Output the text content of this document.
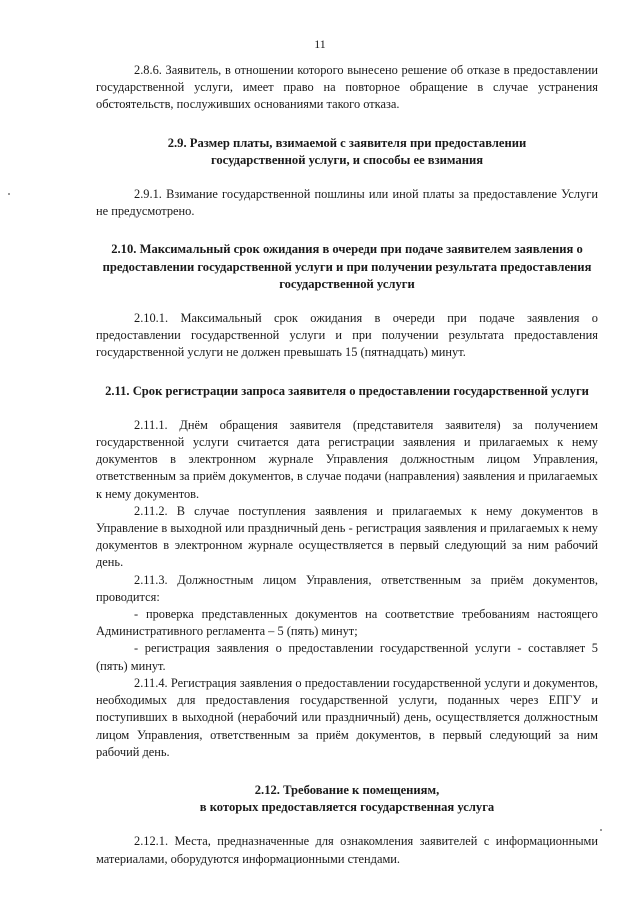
11

2.8.6. Заявитель, в отношении которого вынесено решение об отказе в предоставлении государственной услуги, имеет право на повторное обращение в случае устранения обстоятельств, послуживших основаниями такого отказа.

2.9. Размер платы, взимаемой с заявителя при предоставлении государственной услуги, и способы ее взимания

2.9.1. Взимание государственной пошлины или иной платы за предоставление Услуги не предусмотрено.

2.10. Максимальный срок ожидания в очереди при подаче заявителем заявления о предоставлении государственной услуги и при получении результата предоставления государственной услуги

2.10.1. Максимальный срок ожидания в очереди при подаче заявления о предоставлении государственной услуги и при получении результата предоставления государственной услуги не должен превышать 15 (пятнадцать) минут.

2.11. Срок регистрации запроса заявителя о предоставлении государственной услуги

2.11.1. Днём обращения заявителя (представителя заявителя) за получением государственной услуги считается дата регистрации заявления и прилагаемых к нему документов в электронном журнале Управления должностным лицом Управления, ответственным за приём документов, в случае подачи (направления) заявления и прилагаемых к нему документов.

2.11.2. В случае поступления заявления и прилагаемых к нему документов в Управление в выходной или праздничный день - регистрация заявления и прилагаемых к нему документов в электронном журнале осуществляется в первый следующий за ним рабочий день.

2.11.3. Должностным лицом Управления, ответственным за приём документов, проводится:

- проверка представленных документов на соответствие требованиям настоящего Административного регламента – 5 (пять) минут;

- регистрация заявления о предоставлении государственной услуги - составляет 5 (пять) минут.

2.11.4. Регистрация заявления о предоставлении государственной услуги и документов, необходимых для предоставления государственной услуги, поданных через ЕПГУ и поступивших в выходной (нерабочий или праздничный) день, осуществляется должностным лицом Управления, ответственным за приём документов, в первый следующий за ним рабочий день.

2.12. Требование к помещениям,

в которых предоставляется государственная услуга

2.12.1. Места, предназначенные для ознакомления заявителей с информационными материалами, оборудуются информационными стендами.
